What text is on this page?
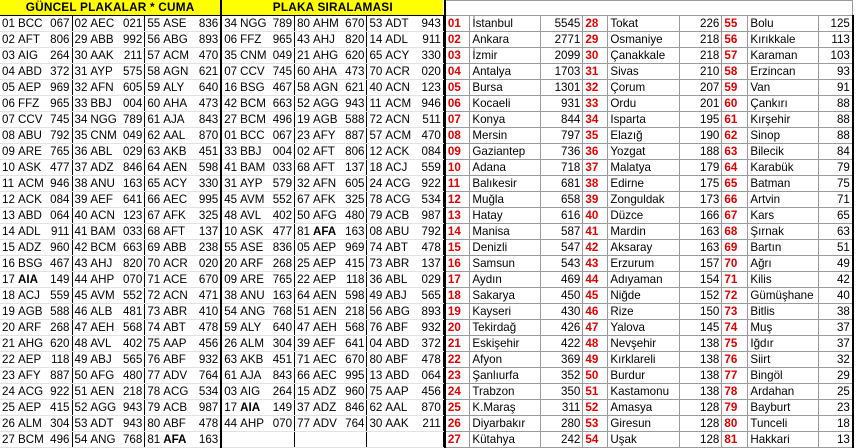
GÜNCEL PLAKALAR * CUMA									PLAKA SIRALAMASI								
01	BCC	067	02	AEC	021	55	ASE	836	34	NGG	789	80	AHM	670	53	ADT	943
02	AFT	806	29	ABB	992	56	ABG	893	06	FFZ	965	43	AHJ	820	14	ADL	911
03	AIG	264	30	AAK	211	57	ACM	470	35	CNM	049	21	AHG	620	65	ACY	330
04	ABD	372	31	AYP	575	58	AGN	621	07	CCV	745	60	AHA	473	70	ACR	020
05	AEP	969	32	AFN	605	59	ALY	640	16	BSG	467	58	AGN	621	40	ACN	123
06	FFZ	965	33	BBJ	004	60	AHA	473	42	BCM	663	52	AGG	943	11	ACM	946
07	CCV	745	34	NGG	789	61	AJA	843	27	BCM	496	19	AGB	588	72	ACN	511
08	ABU	792	35	CNM	049	62	AAL	870	01	BCC	067	23	AFY	887	57	ACM	470
09	ARE	765	36	ABL	029	63	AKB	451	33	BBJ	004	02	AFT	806	12	ACK	084
10	ASK	477	37	ADZ	846	64	AEN	598	41	BAM	033	68	AFT	137	18	ACJ	559
11	ACM	946	38	ANU	163	65	ACY	330	31	AYP	579	32	AFN	605	24	ACG	922
12	ACK	084	39	AEF	641	66	AEC	995	45	AVM	552	67	AFK	325	78	ACG	534
13	ABD	064	40	ACN	123	67	AFK	325	48	AVL	402	50	AFG	480	79	ACB	987
14	ADL	911	41	BAM	033	68	AFT	137	10	ASK	477	81	AFA	163	08	ABU	792
15	ADZ	960	42	BCM	663	69	ABB	238	55	ASE	836	05	AEP	969	74	ABT	478
16	BSG	467	43	AHJ	820	70	ACR	020	20	ARF	268	25	AEP	415	73	ABR	137
17	AIA	149	44	AHP	070	71	ACE	670	09	ARE	765	22	AEP	118	36	ABL	029
18	ACJ	559	45	AVM	552	72	ACN	471	38	ANU	163	64	AEN	598	49	ABJ	565
19	AGB	588	46	ALB	481	73	ABR	410	54	ANG	768	51	AEN	218	56	ABG	893
20	ARF	268	47	AEH	568	74	ABT	478	59	ALY	640	47	AEH	568	76	ABF	932
21	AHG	620	48	AVL	402	75	AAP	456	26	ALM	304	39	AEF	641	04	ABD	372
22	AEP	118	49	ABJ	565	76	ABF	932	63	AKB	451	71	AEC	670	80	ABF	478
23	AFY	887	50	AFG	480	77	ADV	764	61	AJA	843	66	AEC	995	13	ABD	064
24	ACG	922	51	AEN	218	78	ACG	534	03	AIG	264	15	ADZ	960	75	AAP	456
25	AEP	415	52	AGG	943	79	ACB	987	17	AIA	149	37	ADZ	846	62	AAL	870
26	ALM	304	53	ADT	943	80	ABF	478	44	AHP	070	77	ADV	764	30	AAK	211
27	BCM	496	54	ANG	768	81	AFA	163									

01	İstanbul	5545	28	Tokat	226	55	Bolu	125
02	Ankara	2771	29	Osmaniye	218	56	Kırıkkale	113
03	İzmir	2099	30	Çanakkale	218	57	Karaman	103
04	Antalya	1703	31	Sivas	210	58	Erzincan	93
05	Bursa	1301	32	Çorum	207	59	Van	91
06	Kocaeli	931	33	Ordu	201	60	Çankırı	88
07	Konya	844	34	Isparta	195	61	Kırşehir	88
08	Mersin	797	35	Elazığ	190	62	Sinop	88
09	Gaziantep	736	36	Yozgat	188	63	Bilecik	84
10	Adana	718	37	Malatya	179	64	Karabük	79
11	Balıkesir	681	38	Edirne	175	65	Batman	75
12	Muğla	658	39	Zonguldak	173	66	Artvin	71
13	Hatay	616	40	Düzce	166	67	Kars	65
14	Manisa	587	41	Mardin	163	68	Şırnak	63
15	Denizli	547	42	Aksaray	163	69	Bartın	51
16	Samsun	543	43	Erzurum	157	70	Ağrı	49
17	Aydın	469	44	Adıyaman	154	71	Kilis	42
18	Sakarya	450	45	Niğde	152	72	Gümüşhane	40
19	Kayseri	430	46	Rize	150	73	Bitlis	38
20	Tekirdağ	426	47	Yalova	145	74	Muş	37
21	Eskişehir	422	48	Nevşehir	138	75	Iğdır	37
22	Afyon	369	49	Kırklareli	138	76	Siirt	32
23	Şanlıurfa	352	50	Burdur	138	77	Bingöl	29
24	Trabzon	350	51	Kastamonu	138	78	Ardahan	25
25	K.Maraş	311	52	Amasya	128	79	Bayburt	23
26	Diyarbakır	280	53	Giresun	128	80	Tunceli	18
27	Kütahya	242	54	Uşak	128	81	Hakkari	13
